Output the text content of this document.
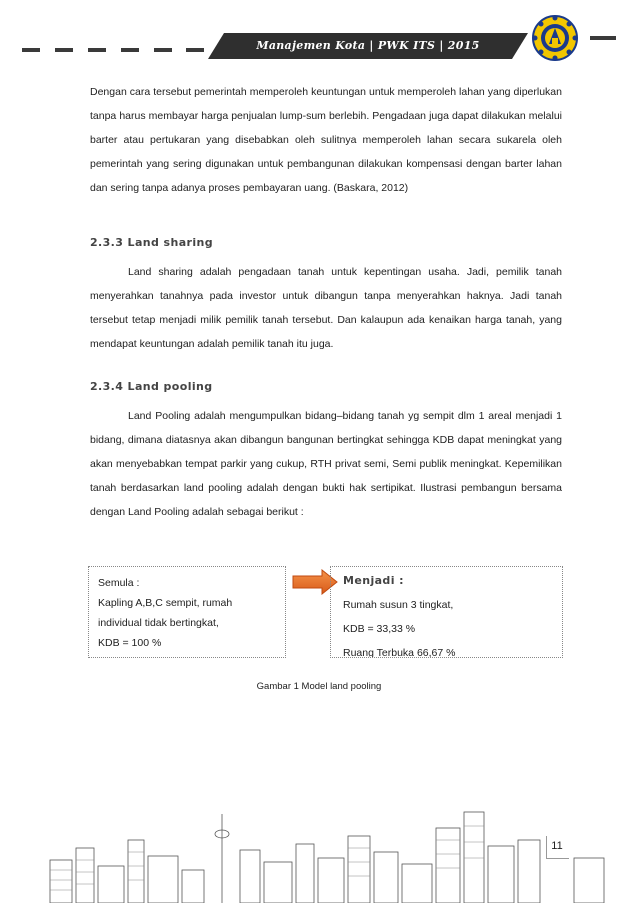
Manajemen Kota | PWK ITS | 2015

Dengan cara tersebut pemerintah memperoleh keuntungan untuk memperoleh lahan yang diperlukan tanpa harus membayar harga penjualan lump-sum berlebih. Pengadaan juga dapat dilakukan melalui barter atau pertukaran yang disebabkan oleh sulitnya memperoleh lahan secara sukarela oleh pemerintah yang sering digunakan untuk pembangunan dilakukan kompensasi dengan barter lahan dan sering tanpa adanya proses pembayaran uang. (Baskara, 2012)

2.3.3 Land sharing

Land sharing adalah pengadaan tanah untuk kepentingan usaha. Jadi, pemilik tanah menyerahkan tanahnya pada investor untuk dibangun tanpa menyerahkan haknya. Jadi tanah tersebut tetap menjadi milik pemilik tanah tersebut. Dan kalaupun ada kenaikan harga tanah, yang mendapat keuntungan adalah pemilik tanah itu juga.

2.3.4 Land pooling

Land Pooling adalah mengumpulkan bidang–bidang tanah yg sempit dlm 1 areal menjadi 1 bidang, dimana diatasnya akan dibangun bangunan bertingkat sehingga KDB dapat meningkat yang akan menyebabkan tempat parkir yang cukup, RTH privat semi, Semi publik meningkat. Kepemilikan tanah berdasarkan land pooling adalah dengan bukti hak sertipikat. Ilustrasi pembangun bersama dengan Land Pooling adalah sebagai berikut :

Semula :
Kapling A,B,C sempit, rumah
individual tidak bertingkat,
KDB = 100 %
Menjadi :
Rumah susun 3 tingkat,
KDB = 33,33 %
Ruang Terbuka 66,67 %
Gambar 1 Model land pooling
11
